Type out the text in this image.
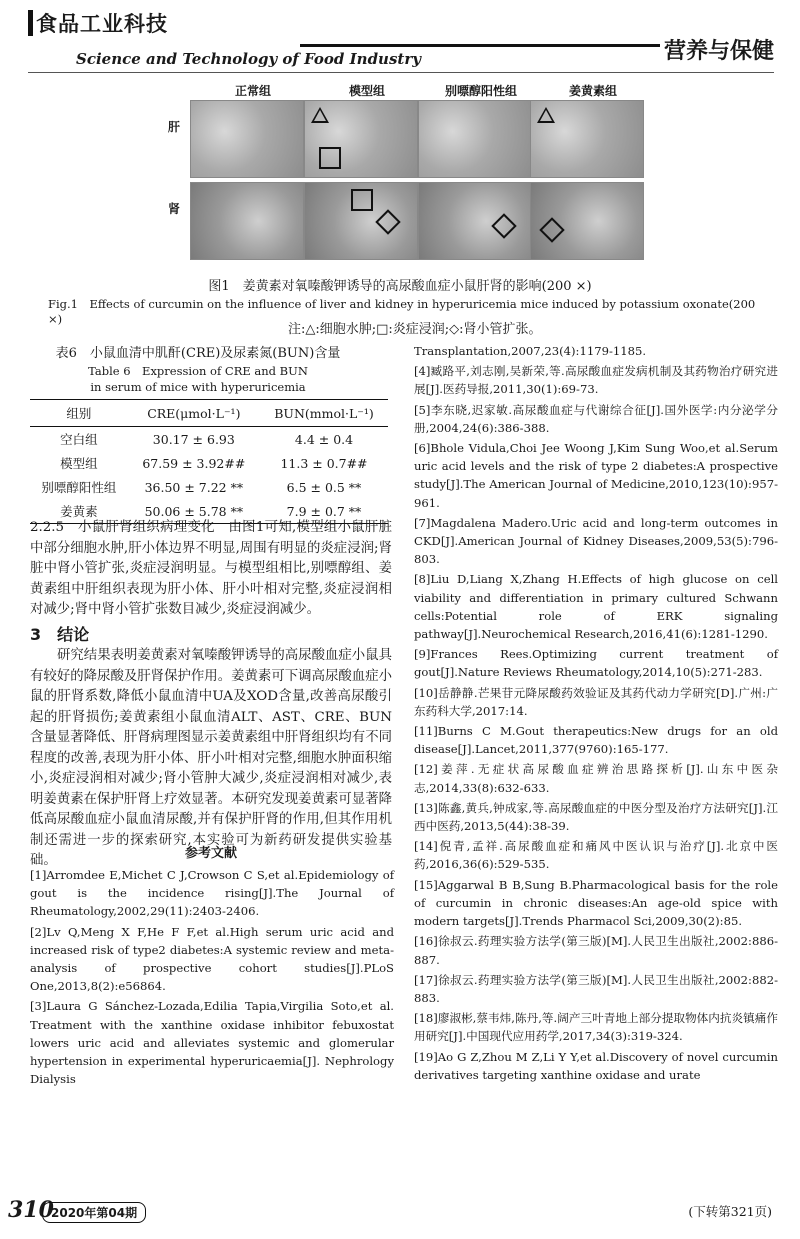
食品工业科技
Science and Technology of Food Industry	营养与保健
正常组	模型组	别嘌醇阳性组	姜黄素组
肝
肾
图1　姜黄素对氧嗪酸钾诱导的高尿酸血症小鼠肝肾的影响(200 ×)
Fig.1　Effects of curcumin on the influence of liver and kidney in hyperuricemia mice induced by potassium oxonate(200 ×)
注:△:细胞水肿;□:炎症浸润;◇:肾小管扩张。
表6　小鼠血清中肌酐(CRE)及尿素氮(BUN)含量
Table 6　Expression of CRE and BUN
in serum of mice with hyperuricemia
组别	CRE(μmol·L⁻¹)	BUN(mmol·L⁻¹)
空白组	30.17 ± 6.93	4.4 ± 0.4
模型组	67.59 ± 3.92##	11.3 ± 0.7##
别嘌醇阳性组	36.50 ± 7.22 **	6.5 ± 0.5 **
姜黄素	50.06 ± 5.78 **	7.9 ± 0.7 **
2.2.5　小鼠肝肾组织病理变化　由图1可知,模型组小鼠肝脏中部分细胞水肿,肝小体边界不明显,周围有明显的炎症浸润;肾脏中肾小管扩张,炎症浸润明显。与模型组相比,别嘌醇组、姜黄素组中肝组织表现为肝小体、肝小叶相对完整,炎症浸润相对减少;肾中肾小管扩张数目减少,炎症浸润减少。
3　结论
研究结果表明姜黄素对氧嗪酸钾诱导的高尿酸血症小鼠具有较好的降尿酸及肝肾保护作用。姜黄素可下调高尿酸血症小鼠的肝肾系数,降低小鼠血清中UA及XOD含量,改善高尿酸引起的肝肾损伤;姜黄素组小鼠血清ALT、AST、CRE、BUN含量显著降低、肝肾病理图显示姜黄素组中肝肾组织均有不同程度的改善,表现为肝小体、肝小叶相对完整,细胞水肿面积缩小,炎症浸润相对减少;肾小管肿大减少,炎症浸润相对减少,表明姜黄素在保护肝肾上疗效显著。本研究发现姜黄素可显著降低高尿酸血症小鼠血清尿酸,并有保护肝肾的作用,但其作用机制还需进一步的探索研究,本实验可为新药研发提供实验基础。	参考文献

[1]Arromdee E,Michet C J,Crowson C S,et al.Epidemiology of gout is the incidence rising[J].The Journal of Rheumatology,2002,29(11):2403-2406.

[2]Lv Q,Meng X F,He F F,et al.High serum uric acid and increased risk of type2 diabetes:A systemic review and meta-analysis of prospective cohort studies[J].PLoS One,2013,8(2):e56864.

[3]Laura G Sánchez-Lozada,Edilia Tapia,Virgilia Soto,et al. Treatment with the xanthine oxidase inhibitor febuxostat lowers uric acid and alleviates systemic and glomerular hypertension in experimental hyperuricaemia[J]. Nephrology Dialysis

Transplantation,2007,23(4):1179-1185.

[4]臧路平,刘志刚,吴新荣,等.高尿酸血症发病机制及其药物治疗研究进展[J].医药导报,2011,30(1):69-73.

[5]李东晓,迟家敏.高尿酸血症与代谢综合征[J].国外医学:内分泌学分册,2004,24(6):386-388.

[6]Bhole Vidula,Choi Jee Woong J,Kim Sung Woo,et al.Serum uric acid levels and the risk of type 2 diabetes:A prospective study[J].The American Journal of Medicine,2010,123(10):957-961.

[7]Magdalena Madero.Uric acid and long-term outcomes in CKD[J].American Journal of Kidney Diseases,2009,53(5):796-803.

[8]Liu D,Liang X,Zhang H.Effects of high glucose on cell viability and differentiation in primary cultured Schwann cells:Potential role of ERK signaling pathway[J].Neurochemical Research,2016,41(6):1281-1290.

[9]Frances Rees.Optimizing current treatment of gout[J].Nature Reviews Rheumatology,2014,10(5):271-283.

[10]岳静静.芒果苷元降尿酸药效验证及其药代动力学研究[D].广州:广东药科大学,2017:14.

[11]Burns C M.Gout therapeutics:New drugs for an old disease[J].Lancet,2011,377(9760):165-177.

[12]姜萍.无症状高尿酸血症辨治思路探析[J].山东中医杂志,2014,33(8):632-633.

[13]陈鑫,黄兵,钟成家,等.高尿酸血症的中医分型及治疗方法研究[J].江西中医药,2013,5(44):38-39.

[14]倪青,孟祥.高尿酸血症和痛风中医认识与治疗[J].北京中医药,2016,36(6):529-535.

[15]Aggarwal B B,Sung B.Pharmacological basis for the role of curcumin in chronic diseases:An age-old spice with modern targets[J].Trends Pharmacol Sci,2009,30(2):85.

[16]徐叔云.药理实验方法学(第三版)[M].人民卫生出版社,2002:886-887.

[17]徐叔云.药理实验方法学(第三版)[M].人民卫生出版社,2002:882-883.

[18]廖淑彬,蔡韦炜,陈丹,等.阔产三叶青地上部分提取物体内抗炎镇痛作用研究[J].中国现代应用药学,2017,34(3):319-324.

[19]Ao G Z,Zhou M Z,Li Y Y,et al.Discovery of novel curcumin derivatives targeting xanthine oxidase and urate

310
2020年第04期	(下转第321页)
